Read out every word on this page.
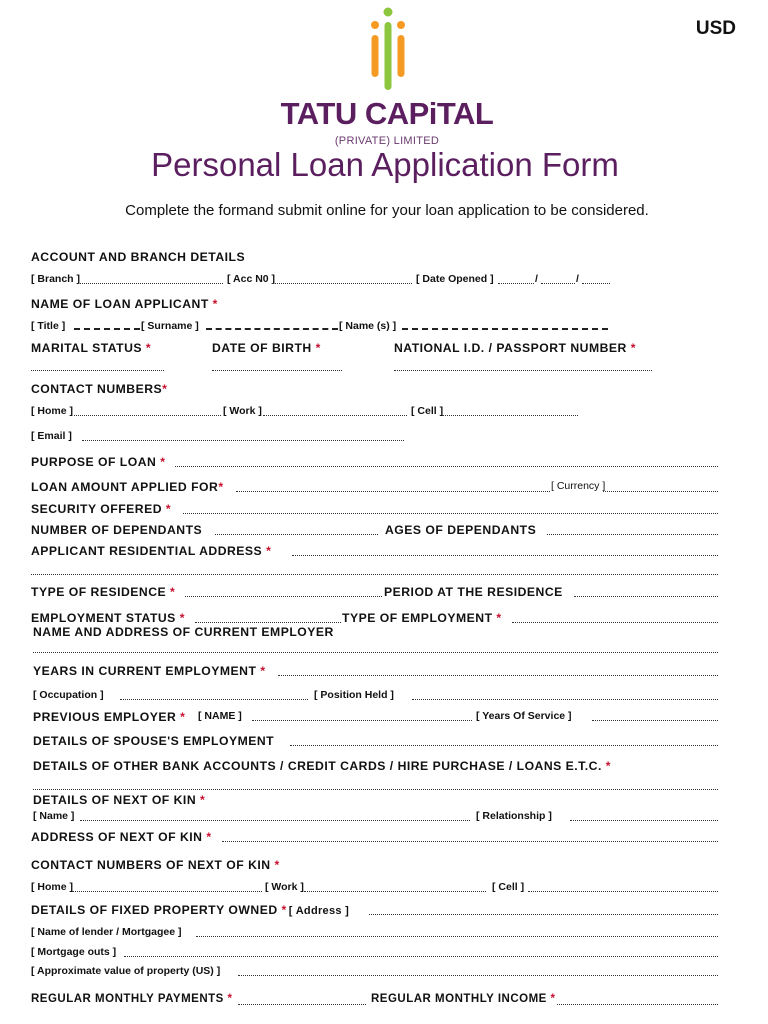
USD
TATU CAPiTAL
(PRIVATE) LIMITED
Personal Loan Application Form
Complete the formand submit online for your loan application to be considered.
ACCOUNT AND BRANCH DETAILS
[ Branch ]	[ Acc N0 ]	[ Date Opened ]	/	/
NAME OF LOAN APPLICANT *
[ Title ]	[ Surname ]	[ Name (s) ]
MARITAL STATUS *	DATE OF BIRTH *	NATIONAL I.D. / PASSPORT NUMBER *
CONTACT NUMBERS*
[ Home ]	[ Work ]	[ Cell ]
[ Email ]
PURPOSE OF LOAN *
LOAN AMOUNT APPLIED FOR*	[ Currency ]
SECURITY OFFERED *
NUMBER OF DEPENDANTS	AGES OF DEPENDANTS
APPLICANT RESIDENTIAL ADDRESS *
TYPE OF RESIDENCE *	PERIOD AT THE RESIDENCE
EMPLOYMENT STATUS *	TYPE OF EMPLOYMENT *
NAME AND ADDRESS OF CURRENT EMPLOYER
YEARS IN CURRENT EMPLOYMENT *
[ Occupation ]	[ Position Held ]
PREVIOUS EMPLOYER * [ NAME ]	[ Years Of Service ]
DETAILS OF SPOUSE'S EMPLOYMENT
DETAILS OF OTHER BANK ACCOUNTS / CREDIT CARDS / HIRE PURCHASE / LOANS E.T.C. *
DETAILS OF NEXT OF KIN *
[ Name ]	[ Relationship ]
ADDRESS OF NEXT OF KIN *
CONTACT NUMBERS OF NEXT OF KIN *
[ Home ]	[ Work ]	[ Cell ]
DETAILS OF FIXED PROPERTY OWNED * [ Address ]
[ Name of lender / Mortgagee ]
[ Mortgage outs ]
[ Approximate value of property (US) ]
REGULAR MONTHLY PAYMENTS *	REGULAR MONTHLY INCOME *
